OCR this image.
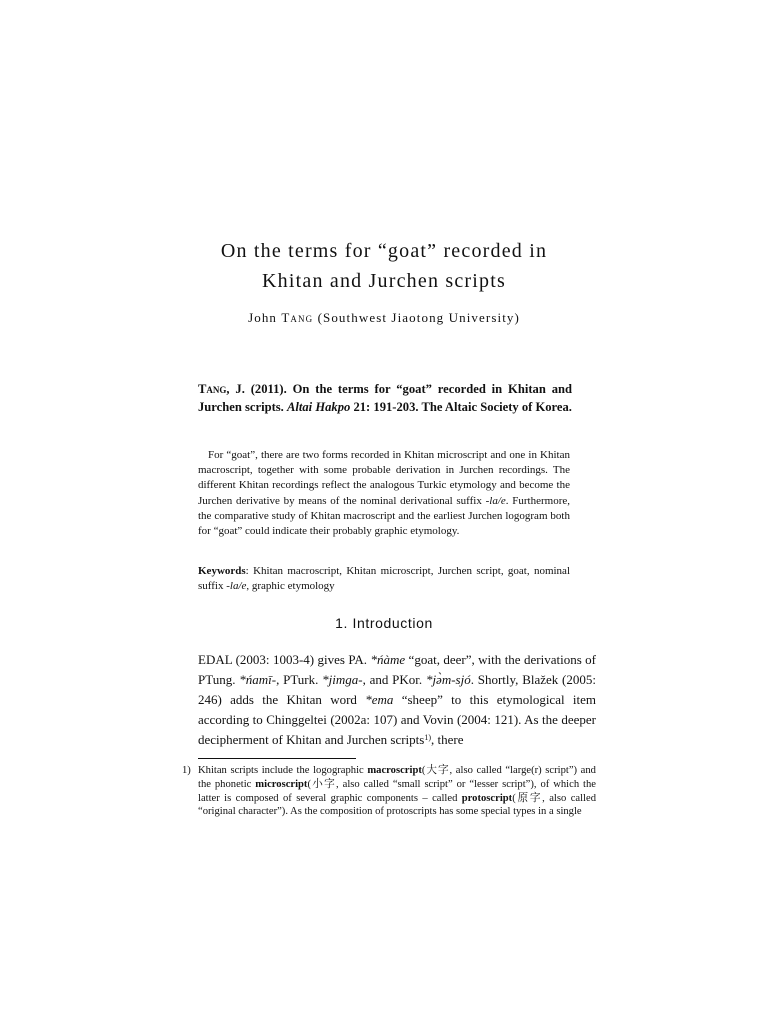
On the terms for “goat” recorded in
Khitan and Jurchen scripts
John Tang (Southwest Jiaotong University)
Tang, J. (2011). On the terms for “goat” recorded in Khitan and Jurchen scripts. Altai Hakpo 21: 191-203. The Altaic Society of Korea.
For “goat”, there are two forms recorded in Khitan microscript and one in Khitan macroscript, together with some probable derivation in Jurchen recordings. The different Khitan recordings reflect the analogous Turkic etymology and become the Jurchen derivative by means of the nominal derivational suffix -la/e. Furthermore, the comparative study of Khitan macroscript and the earliest Jurchen logogram both for “goat” could indicate their probably graphic etymology.
Keywords: Khitan macroscript, Khitan microscript, Jurchen script, goat, nominal suffix -la/e, graphic etymology
1. Introduction
EDAL (2003: 1003-4) gives PA. *ńàme “goat, deer”, with the derivations of PTung. *ńamī-, PTurk. *jimga-, and PKor. *jǝ̀m-sjó. Shortly, Blažek (2005: 246) adds the Khitan word *ema “sheep” to this etymological item according to Chinggeltei (2002a: 107) and Vovin (2004: 121). As the deeper decipherment of Khitan and Jurchen scripts$^{1)}$, there
1) Khitan scripts include the logographic macroscript(大字, also called “large(r) script”) and the phonetic microscript(小字, also called “small script” or “lesser script”), of which the latter is composed of several graphic components – called protoscript(原字, also called “original character”). As the composition of protoscripts has some special types in a single
